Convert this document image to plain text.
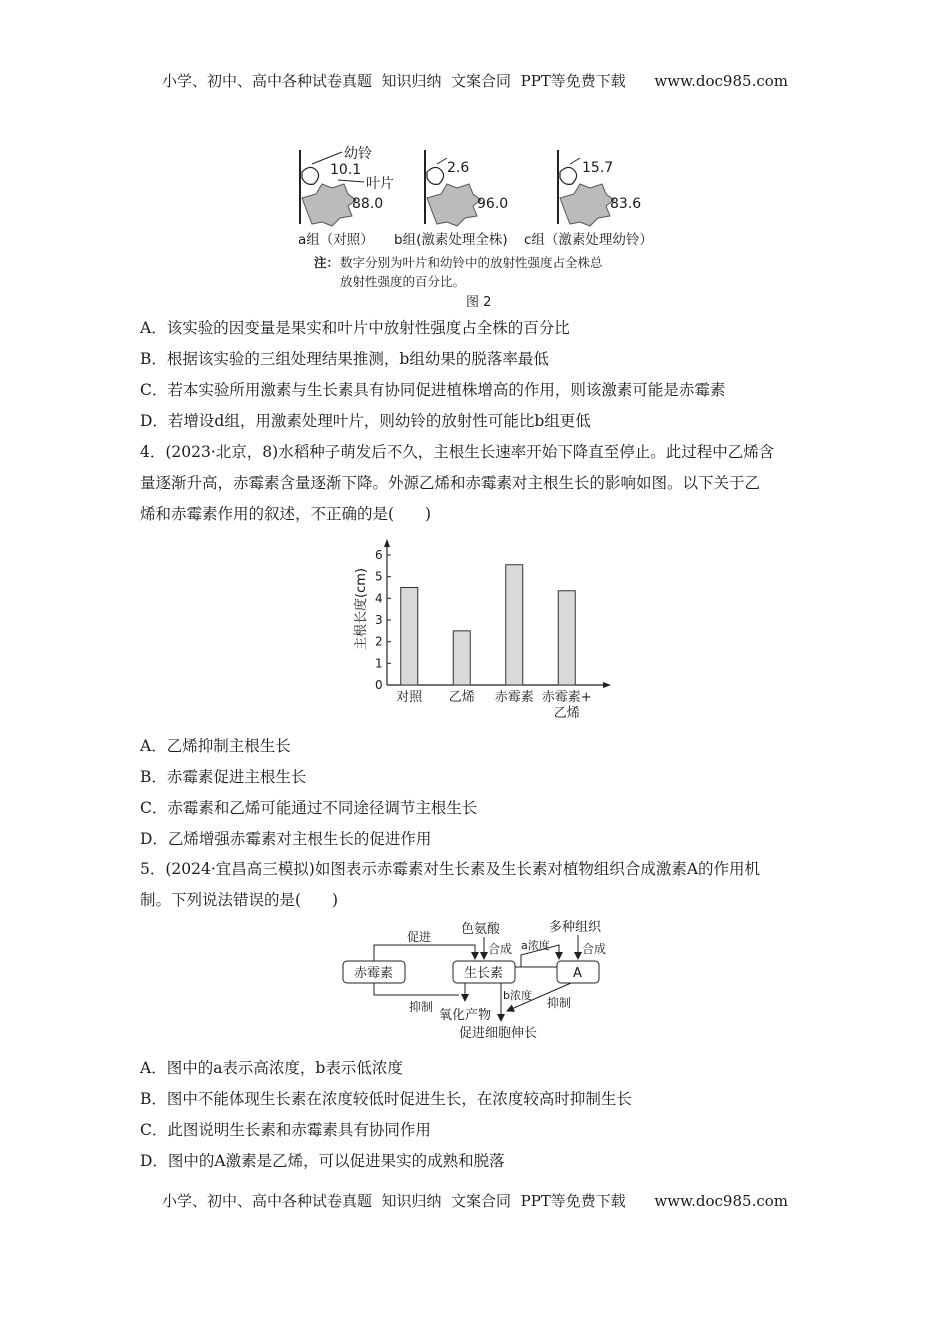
小学、初中、高中各种试卷真题  知识归纳  文案合同  PPT等免费下载      www.doc985.com
幼铃
10.1
叶片
88.0
2.6
96.0
15.7
83.6
a组（对照） b组(激素处理全株) c组（激素处理幼铃）
注： 数字分别为叶片和幼铃中的放射性强度占全株总
放射性强度的百分比。
图 2
A．该实验的因变量是果实和叶片中放射性强度占全株的百分比
B．根据该实验的三组处理结果推测，b组幼果的脱落率最低
C．若本实验所用激素与生长素具有协同促进植株增高的作用，则该激素可能是赤霉素
D．若增设d组，用激素处理叶片，则幼铃的放射性可能比b组更低
4．(2023·北京，8)水稻种子萌发后不久，主根生长速率开始下降直至停止。此过程中乙烯含
量逐渐升高，赤霉素含量逐渐下降。外源乙烯和赤霉素对主根生长的影响如图。以下关于乙
烯和赤霉素作用的叙述，不正确的是(　　)
主根长度(cm)
0
1
2
3
4
5
6
对照 乙烯 赤霉素 赤霉素+
乙烯
A．乙烯抑制主根生长
B．赤霉素促进主根生长
C．赤霉素和乙烯可能通过不同途径调节主根生长
D．乙烯增强赤霉素对主根生长的促进作用
5．(2024·宜昌高三模拟)如图表示赤霉素对生长素及生长素对植物组织合成激素A的作用机
制。下列说法错误的是(　　)
赤霉素	生长素	A
色氨酸	多种组织
合成	合成
促进
a浓度
抑制
氧化产物
b浓度
抑制
促进细胞伸长
A．图中的a表示高浓度，b表示低浓度
B．图中不能体现生长素在浓度较低时促进生长，在浓度较高时抑制生长
C．此图说明生长素和赤霉素具有协同作用
D．图中的A激素是乙烯，可以促进果实的成熟和脱落
小学、初中、高中各种试卷真题  知识归纳  文案合同  PPT等免费下载      www.doc985.com
